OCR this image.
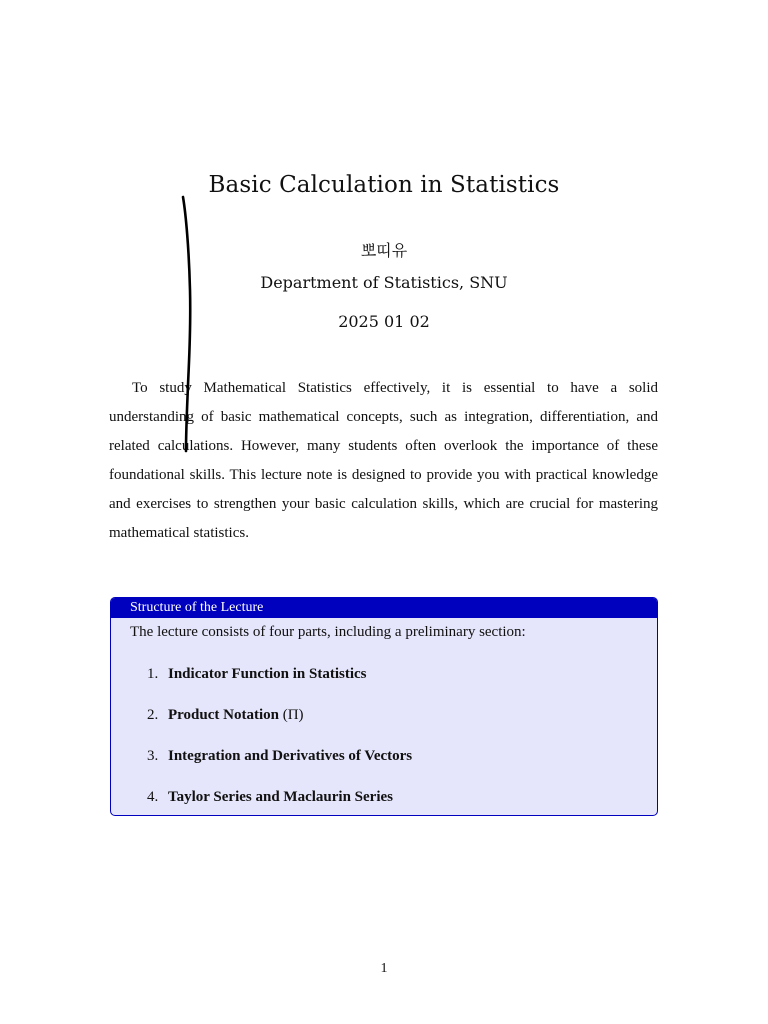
Basic Calculation in Statistics
뽀띠유
Department of Statistics, SNU
2025 01 02

To study Mathematical Statistics effectively, it is essential to have a solid understanding of basic mathematical concepts, such as integration, differentiation, and related calculations. However, many students often overlook the importance of these foundational skills. This lecture note is designed to provide you with practical knowledge and exercises to strengthen your basic calculation skills, which are crucial for mastering mathematical statistics.

Structure of the Lecture
The lecture consists of four parts, including a preliminary section:
1. Indicator Function in Statistics
2. Product Notation (Π)
3. Integration and Derivatives of Vectors
4. Taylor Series and Maclaurin Series
1
